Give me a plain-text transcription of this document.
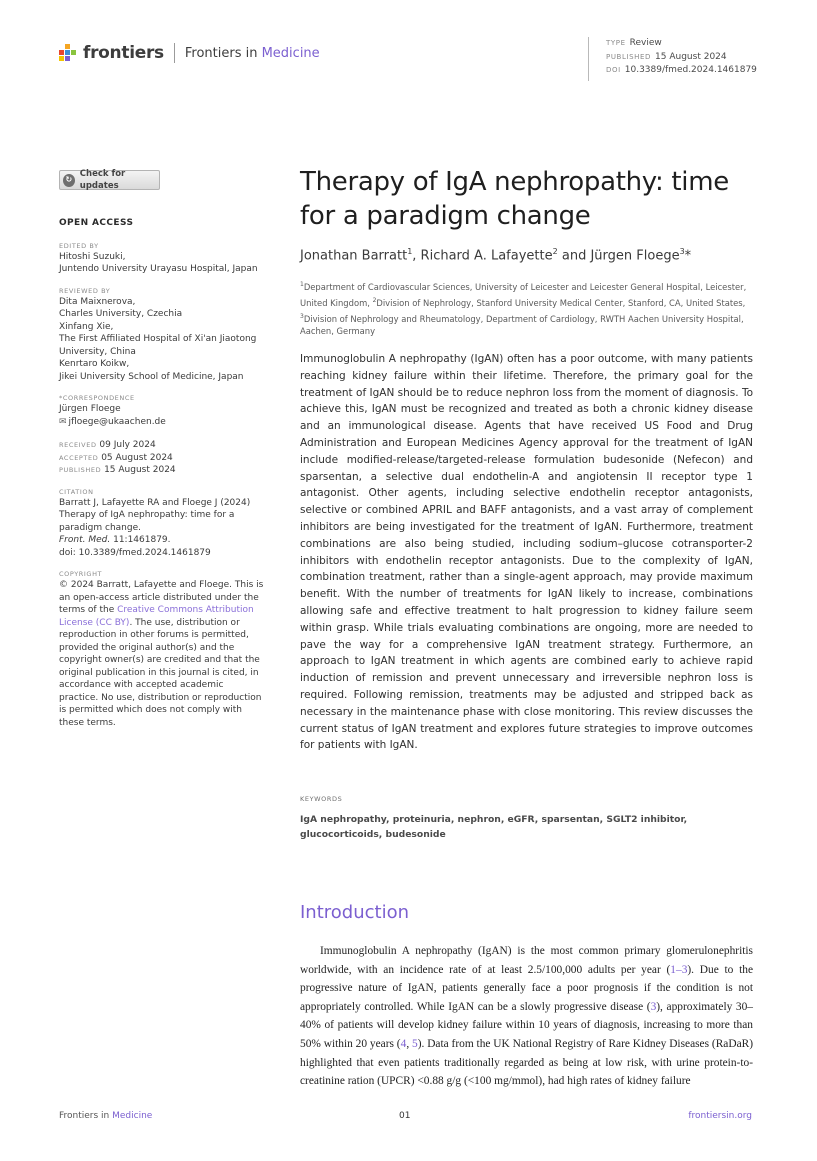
frontiers Frontiers in Medicine
TYPE Review
PUBLISHED 15 August 2024
DOI 10.3389/fmed.2024.1461879
↻
Check for updates
OPEN ACCESS
EDITED BY
Hitoshi Suzuki,
Juntendo University Urayasu Hospital, Japan
REVIEWED BY
Dita Maixnerova,
Charles University, Czechia
Xinfang Xie,
The First Affiliated Hospital of Xi'an Jiaotong University, China
Kenrtaro Koikw,
Jikei University School of Medicine, Japan
*CORRESPONDENCE
Jürgen Floege
✉ jfloege@ukaachen.de
RECEIVED 09 July 2024
ACCEPTED 05 August 2024
PUBLISHED 15 August 2024
CITATION
Barratt J, Lafayette RA and Floege J (2024) Therapy of IgA nephropathy: time for a paradigm change.
Front. Med. 11:1461879.
doi: 10.3389/fmed.2024.1461879
COPYRIGHT
© 2024 Barratt, Lafayette and Floege. This is an open-access article distributed under the terms of the Creative Commons Attribution License (CC BY). The use, distribution or reproduction in other forums is permitted, provided the original author(s) and the copyright owner(s) are credited and that the original publication in this journal is cited, in accordance with accepted academic practice. No use, distribution or reproduction is permitted which does not comply with these terms.
Therapy of IgA nephropathy: time for a paradigm change
Jonathan Barratt$^1$, Richard A. Lafayette$^2$ and Jürgen Floege$^3$*
$^1$Department of Cardiovascular Sciences, University of Leicester and Leicester General Hospital, Leicester, United Kingdom, $^2$Division of Nephrology, Stanford University Medical Center, Stanford, CA, United States, $^3$Division of Nephrology and Rheumatology, Department of Cardiology, RWTH Aachen University Hospital, Aachen, Germany

Immunoglobulin A nephropathy (IgAN) often has a poor outcome, with many patients reaching kidney failure within their lifetime. Therefore, the primary goal for the treatment of IgAN should be to reduce nephron loss from the moment of diagnosis. To achieve this, IgAN must be recognized and treated as both a chronic kidney disease and an immunological disease. Agents that have received US Food and Drug Administration and European Medicines Agency approval for the treatment of IgAN include modified-release/targeted-release formulation budesonide (Nefecon) and sparsentan, a selective dual endothelin-A and angiotensin II receptor type 1 antagonist. Other agents, including selective endothelin receptor antagonists, selective or combined APRIL and BAFF antagonists, and a vast array of complement inhibitors are being investigated for the treatment of IgAN. Furthermore, treatment combinations are also being studied, including sodium–glucose cotransporter-2 inhibitors with endothelin receptor antagonists. Due to the complexity of IgAN, combination treatment, rather than a single-agent approach, may provide maximum benefit. With the number of treatments for IgAN likely to increase, combinations allowing safe and effective treatment to halt progression to kidney failure seem within grasp. While trials evaluating combinations are ongoing, more are needed to pave the way for a comprehensive IgAN treatment strategy. Furthermore, an approach to IgAN treatment in which agents are combined early to achieve rapid induction of remission and prevent unnecessary and irreversible nephron loss is required. Following remission, treatments may be adjusted and stripped back as necessary in the maintenance phase with close monitoring. This review discusses the current status of IgAN treatment and explores future strategies to improve outcomes for patients with IgAN.

KEYWORDS
IgA nephropathy, proteinuria, nephron, eGFR, sparsentan, SGLT2 inhibitor, glucocorticoids, budesonide
Introduction

Immunoglobulin A nephropathy (IgAN) is the most common primary glomerulonephritis worldwide, with an incidence rate of at least 2.5/100,000 adults per year (1–3). Due to the progressive nature of IgAN, patients generally face a poor prognosis if the condition is not appropriately controlled. While IgAN can be a slowly progressive disease (3), approximately 30–40% of patients will develop kidney failure within 10 years of diagnosis, increasing to more than 50% within 20 years (4, 5). Data from the UK National Registry of Rare Kidney Diseases (RaDaR) highlighted that even patients traditionally regarded as being at low risk, with urine protein-to-creatinine ration (UPCR) <0.88 g/g (<100 mg/mmol), had high rates of kidney failure

Frontiers in Medicine	01	frontiersin.org
